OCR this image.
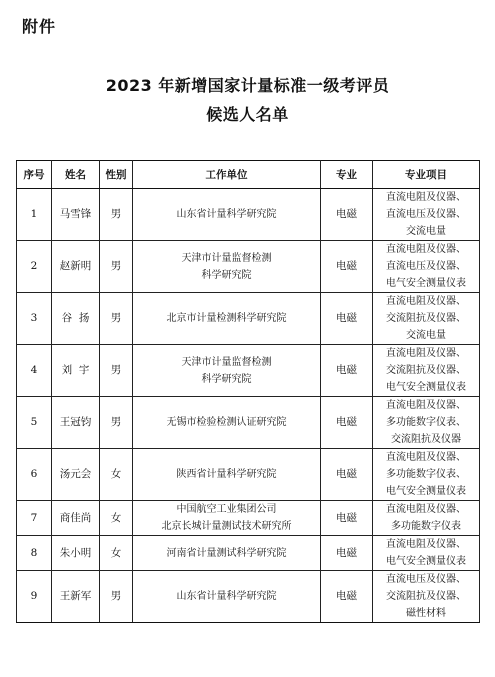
附件
2023 年新增国家计量标准一级考评员
候选人名单
序号	姓名	性别	工作单位	专业	专业项目
1	马雪锋	男	山东省计量科学研究院	电磁	直流电阻及仪器、
直流电压及仪器、
交流电量

2	赵新明	男	天津市计量监督检测
科学研究院	电磁	直流电阻及仪器、
直流电压及仪器、
电气安全测量仪表

3	谷  扬	男	北京市计量检测科学研究院	电磁	直流电阻及仪器、
交流阻抗及仪器、
交流电量

4	刘  宇	男	天津市计量监督检测
科学研究院	电磁	直流电阻及仪器、
交流阻抗及仪器、
电气安全测量仪表

5	王冠钧	男	无锡市检验检测认证研究院	电磁	直流电阻及仪器、
多功能数字仪表、
交流阻抗及仪器

6	汤元会	女	陕西省计量科学研究院	电磁	直流电阻及仪器、
多功能数字仪表、
电气安全测量仪表

7	商佳尚	女	中国航空工业集团公司
北京长城计量测试技术研究所	电磁	直流电阻及仪器、
多功能数字仪表

8	朱小明	女	河南省计量测试科学研究院	电磁	直流电阻及仪器、
电气安全测量仪表

9	王新军	男	山东省计量科学研究院	电磁	直流电压及仪器、
交流阻抗及仪器、
磁性材料
